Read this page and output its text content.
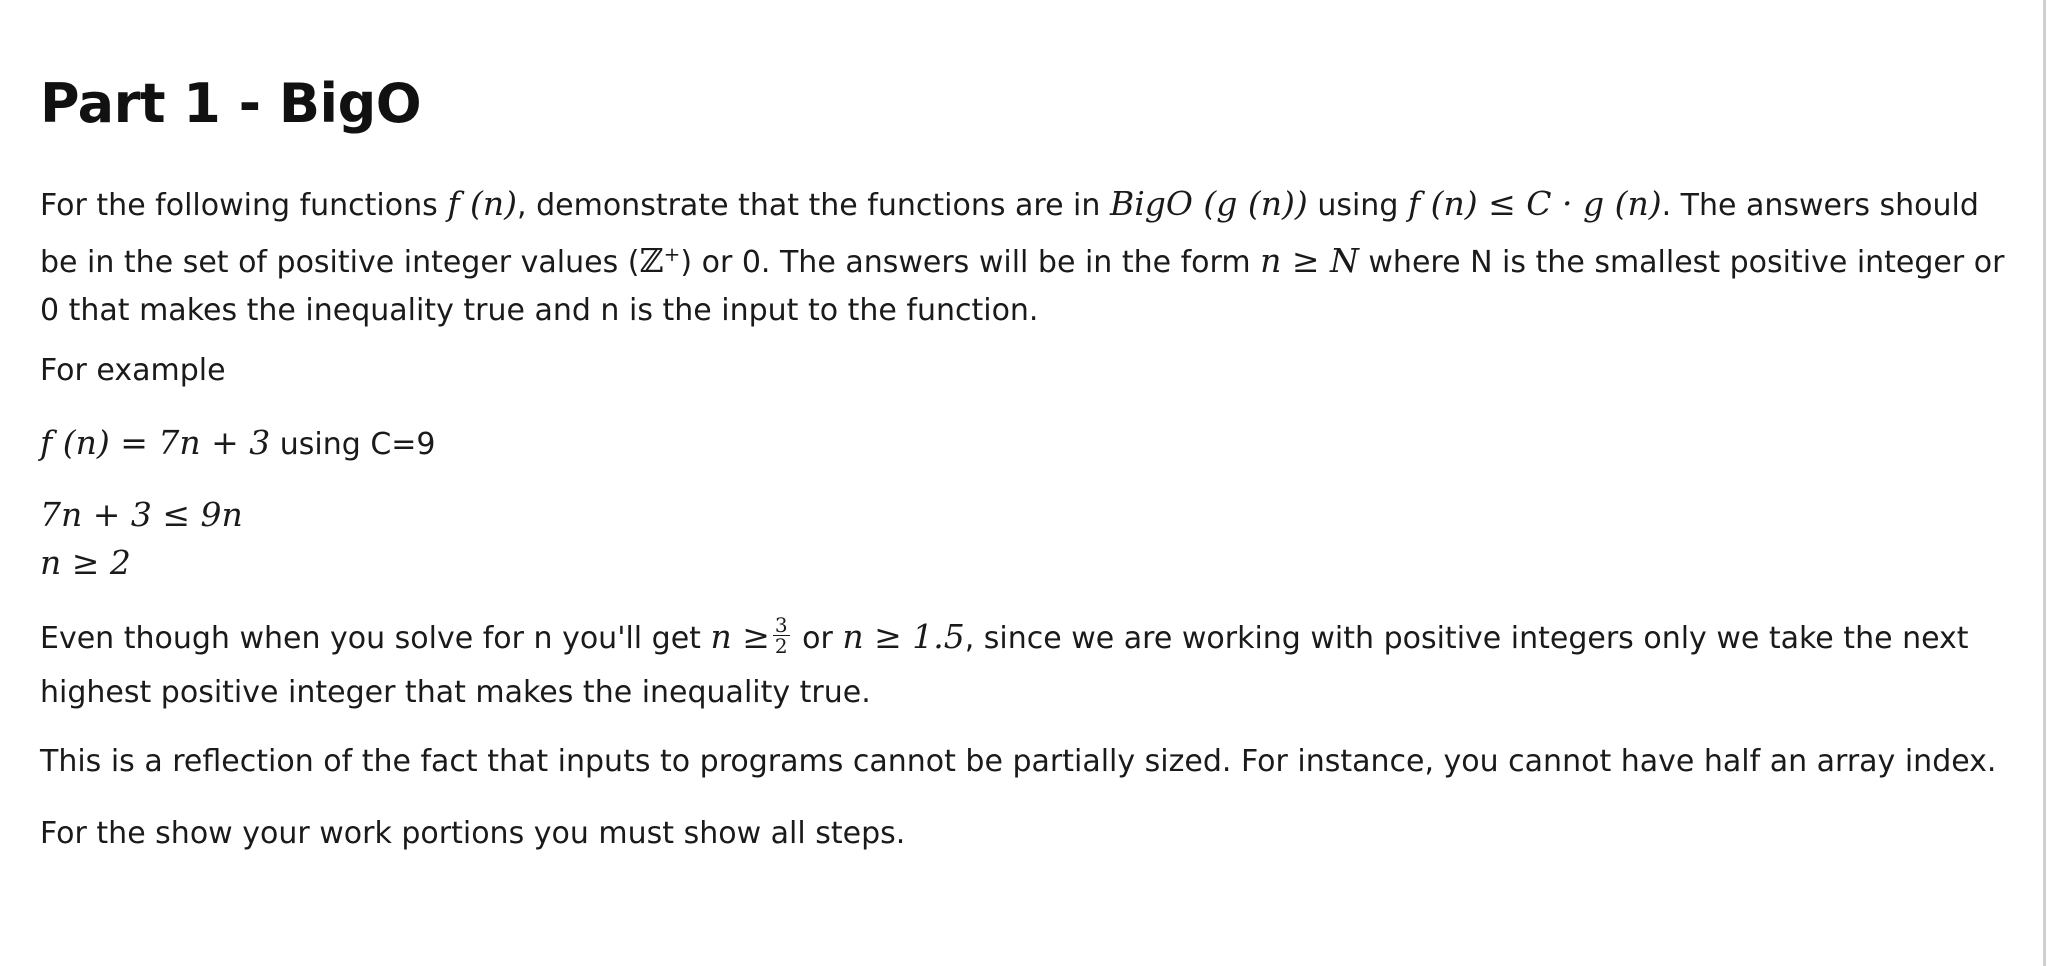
Part 1 - BigO

For the following functions f (n), demonstrate that the functions are in BigO (g (n)) using f (n) ≤ C · g (n). The answers should be in the set of positive integer values (ℤ+) or 0. The answers will be in the form n ≥ N where N is the smallest positive integer or 0 that makes the inequality true and n is the input to the function.

For example

f (n) = 7n + 3 using C=9

7n + 3 ≤ 9n

n ≥ 2

Even though when you solve for n you'll get $n \ge \frac{3}{2}$ or n ≥ 1.5, since we are working with positive integers only we take the next highest positive integer that makes the inequality true.

This is a reflection of the fact that inputs to programs cannot be partially sized. For instance, you cannot have half an array index.

For the show your work portions you must show all steps.
